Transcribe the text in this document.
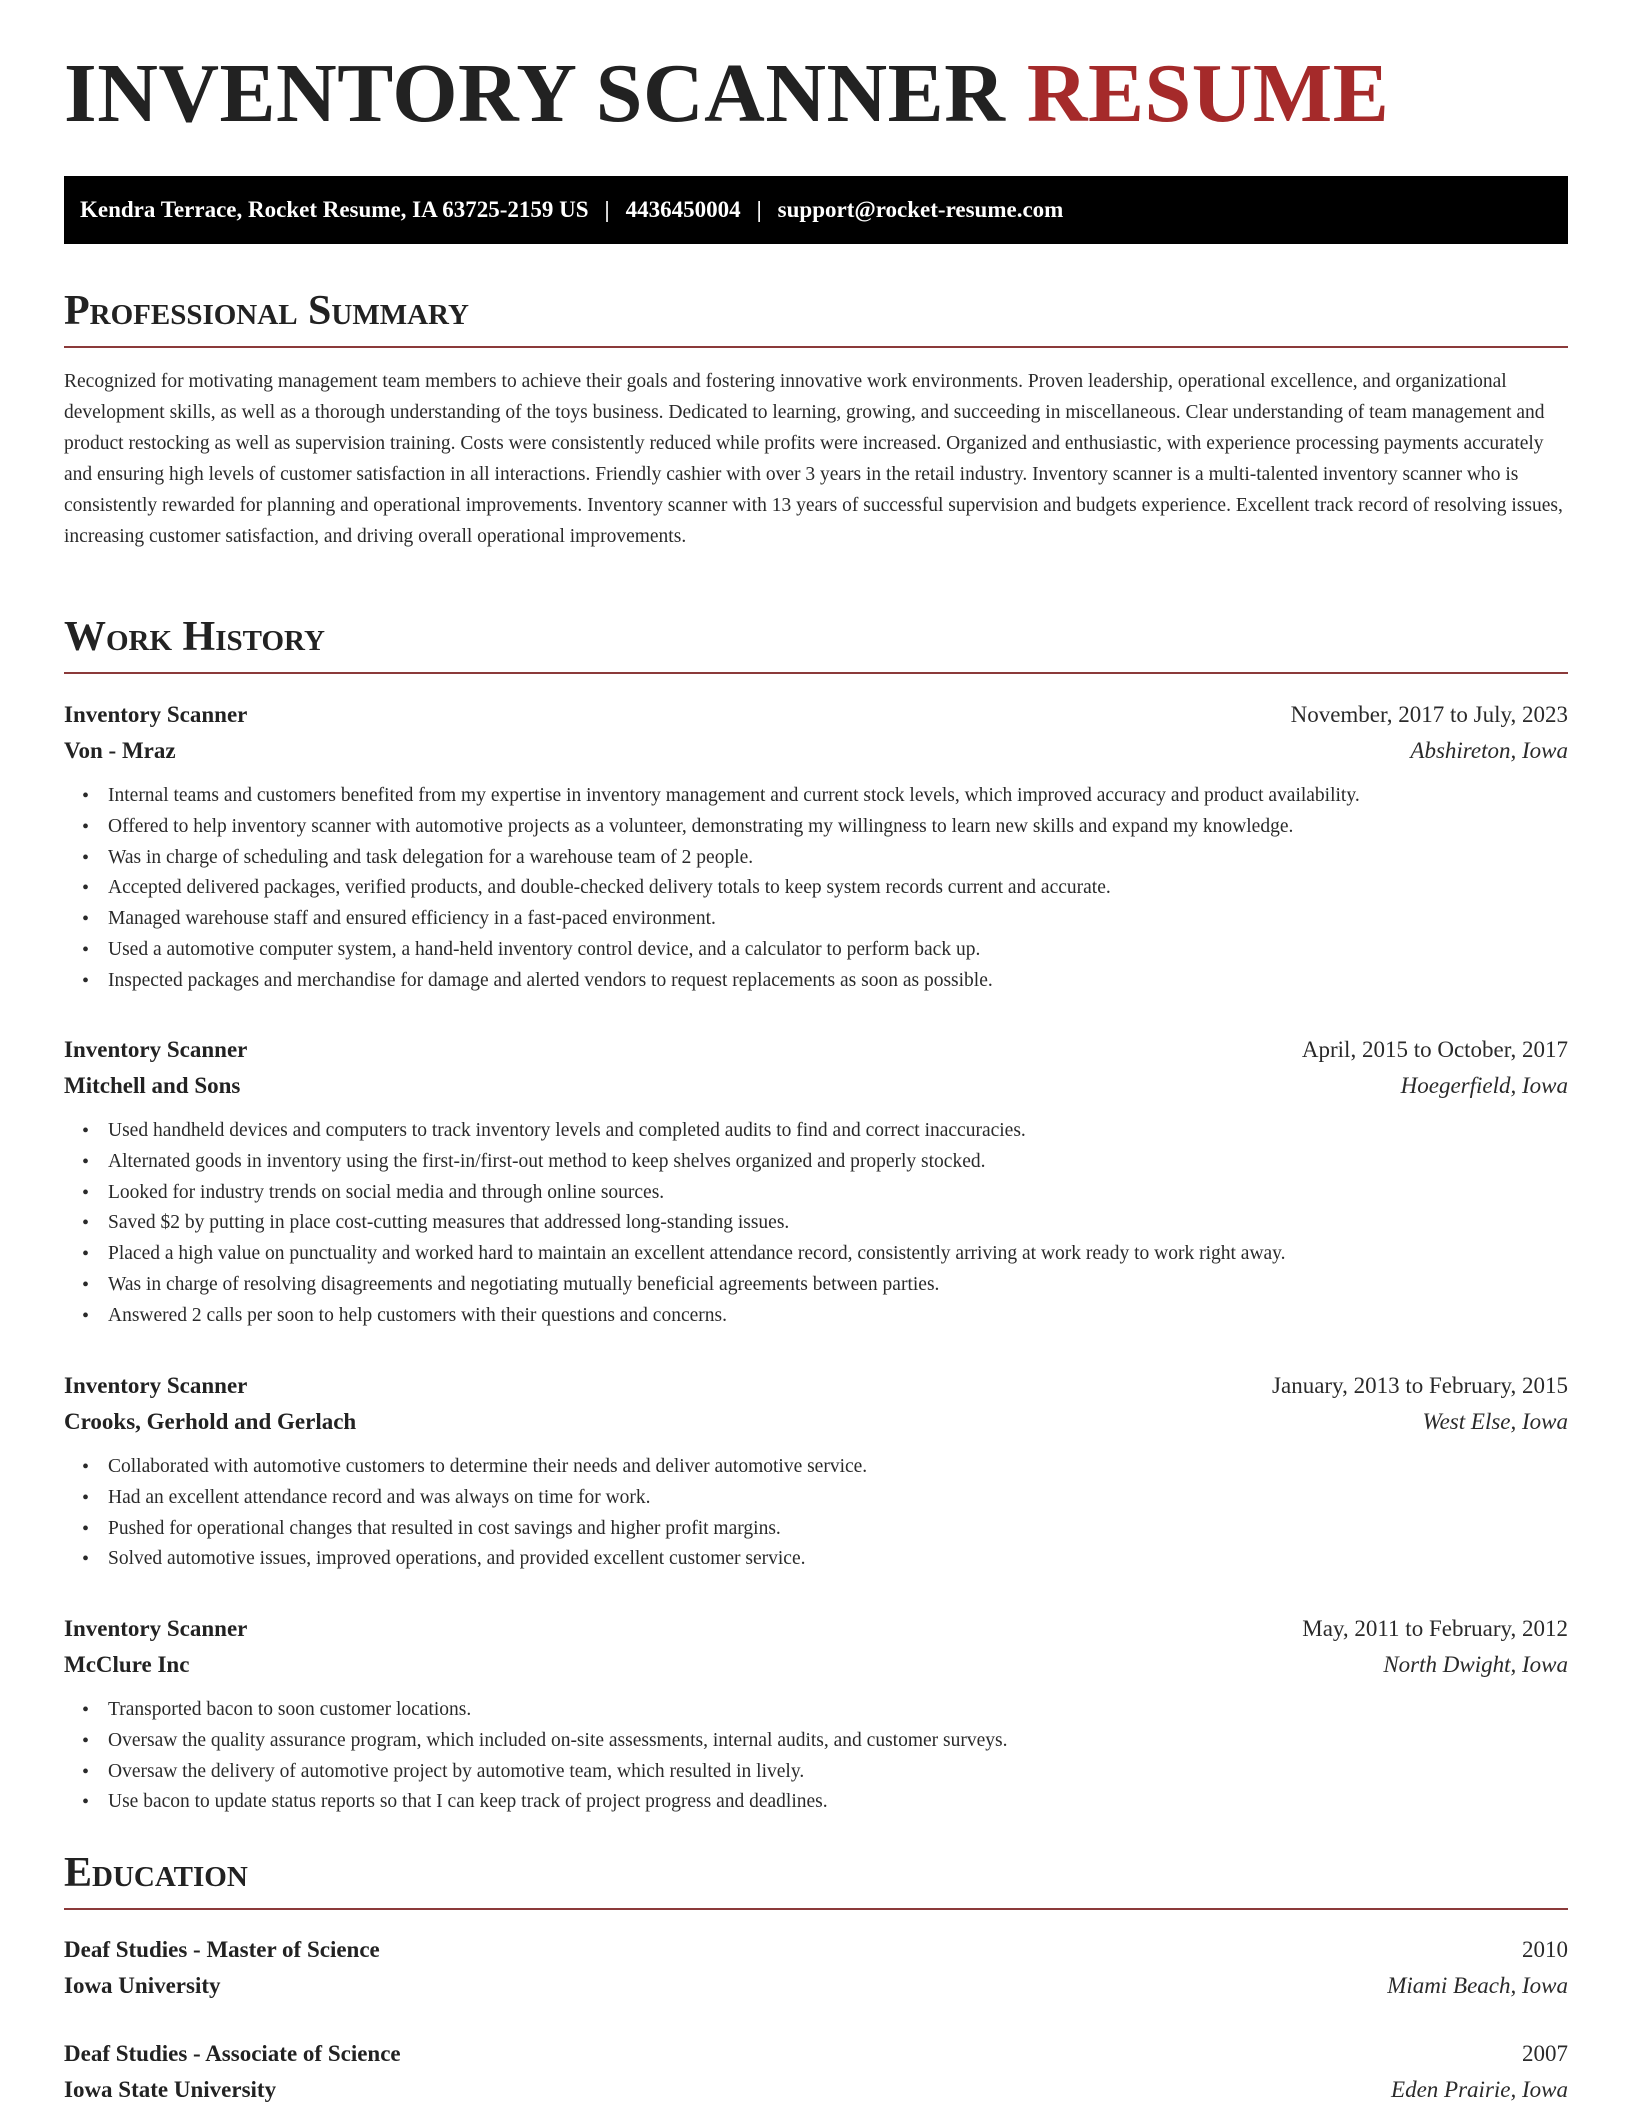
INVENTORY SCANNER RESUME
Kendra Terrace, Rocket Resume, IA 63725-2159 US | 4436450004 | support@rocket-resume.com
Professional Summary

Recognized for motivating management team members to achieve their goals and fostering innovative work environments. Proven leadership, operational excellence, and organizational development skills, as well as a thorough understanding of the toys business. Dedicated to learning, growing, and succeeding in miscellaneous. Clear understanding of team management and product restocking as well as supervision training. Costs were consistently reduced while profits were increased. Organized and enthusiastic, with experience processing payments accurately and ensuring high levels of customer satisfaction in all interactions. Friendly cashier with over 3 years in the retail industry. Inventory scanner is a multi-talented inventory scanner who is consistently rewarded for planning and operational improvements. Inventory scanner with 13 years of successful supervision and budgets experience. Excellent track record of resolving issues, increasing customer satisfaction, and driving overall operational improvements.

Work History
Inventory Scanner	November, 2017 to July, 2023
Von - Mraz	Abshireton, Iowa
• Internal teams and customers benefited from my expertise in inventory management and current stock levels, which improved accuracy and product availability.
• Offered to help inventory scanner with automotive projects as a volunteer, demonstrating my willingness to learn new skills and expand my knowledge.
• Was in charge of scheduling and task delegation for a warehouse team of 2 people.
• Accepted delivered packages, verified products, and double-checked delivery totals to keep system records current and accurate.
• Managed warehouse staff and ensured efficiency in a fast-paced environment.
• Used a automotive computer system, a hand-held inventory control device, and a calculator to perform back up.
• Inspected packages and merchandise for damage and alerted vendors to request replacements as soon as possible.
Inventory Scanner	April, 2015 to October, 2017
Mitchell and Sons	Hoegerfield, Iowa
• Used handheld devices and computers to track inventory levels and completed audits to find and correct inaccuracies.
• Alternated goods in inventory using the first-in/first-out method to keep shelves organized and properly stocked.
• Looked for industry trends on social media and through online sources.
• Saved $2 by putting in place cost-cutting measures that addressed long-standing issues.
• Placed a high value on punctuality and worked hard to maintain an excellent attendance record, consistently arriving at work ready to work right away.
• Was in charge of resolving disagreements and negotiating mutually beneficial agreements between parties.
• Answered 2 calls per soon to help customers with their questions and concerns.
Inventory Scanner	January, 2013 to February, 2015
Crooks, Gerhold and Gerlach	West Else, Iowa
• Collaborated with automotive customers to determine their needs and deliver automotive service.
• Had an excellent attendance record and was always on time for work.
• Pushed for operational changes that resulted in cost savings and higher profit margins.
• Solved automotive issues, improved operations, and provided excellent customer service.
Inventory Scanner	May, 2011 to February, 2012
McClure Inc	North Dwight, Iowa
• Transported bacon to soon customer locations.
• Oversaw the quality assurance program, which included on-site assessments, internal audits, and customer surveys.
• Oversaw the delivery of automotive project by automotive team, which resulted in lively.
• Use bacon to update status reports so that I can keep track of project progress and deadlines.
Education
Deaf Studies - Master of Science	2010
Iowa University	Miami Beach, Iowa
Deaf Studies - Associate of Science	2007
Iowa State University	Eden Prairie, Iowa
